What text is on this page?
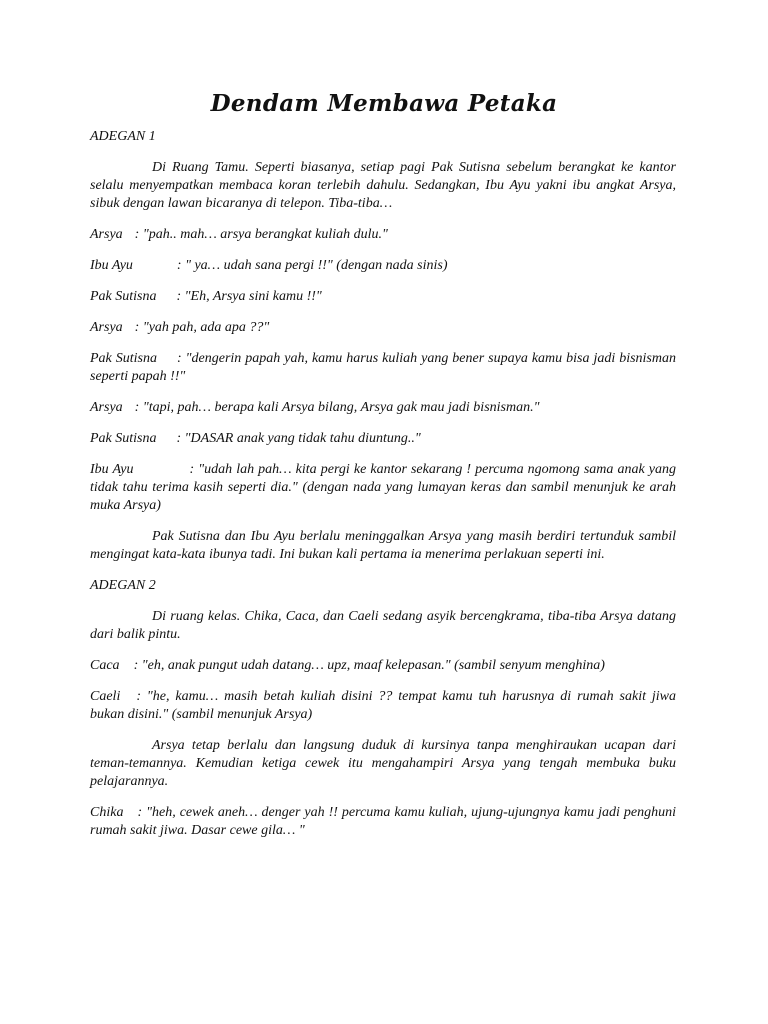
Dendam Membawa Petaka

ADEGAN 1

Di Ruang Tamu. Seperti biasanya, setiap pagi Pak Sutisna sebelum berangkat ke kantor selalu menyempatkan membaca koran terlebih dahulu. Sedangkan, Ibu Ayu yakni ibu angkat Arsya, sibuk dengan lawan bicaranya di telepon. Tiba-tiba…

Arsya : "pah.. mah… arsya berangkat kuliah dulu."

Ibu Ayu	: " ya… udah sana pergi !!" (dengan nada sinis)

Pak Sutisna : "Eh, Arsya sini kamu !!"

Arsya : "yah pah, ada apa ??"

Pak Sutisna : "dengerin papah yah, kamu harus kuliah yang bener supaya kamu bisa jadi bisnisman seperti papah !!"

Arsya : "tapi, pah… berapa kali Arsya bilang, Arsya gak mau jadi bisnisman."

Pak Sutisna : "DASAR anak yang tidak tahu diuntung.."

Ibu Ayu	: "udah lah pah… kita pergi ke kantor sekarang ! percuma ngomong sama anak yang tidak tahu terima kasih seperti dia." (dengan nada yang lumayan keras dan sambil menunjuk ke arah muka Arsya)

Pak Sutisna dan Ibu Ayu berlalu meninggalkan Arsya yang masih berdiri tertunduk sambil mengingat kata-kata ibunya tadi. Ini bukan kali pertama ia menerima perlakuan seperti ini.

ADEGAN 2

Di ruang kelas. Chika, Caca, dan Caeli sedang asyik bercengkrama, tiba-tiba Arsya datang dari balik pintu.

Caca : "eh, anak pungut udah datang… upz, maaf kelepasan." (sambil senyum menghina)

Caeli : "he, kamu… masih betah kuliah disini ?? tempat kamu tuh harusnya di rumah sakit jiwa bukan disini." (sambil menunjuk Arsya)

Arsya tetap berlalu dan langsung duduk di kursinya tanpa menghiraukan ucapan dari teman-temannya. Kemudian ketiga cewek itu mengahampiri Arsya yang tengah membuka buku pelajarannya.

Chika : "heh, cewek aneh… denger yah !! percuma kamu kuliah, ujung-ujungnya kamu jadi penghuni rumah sakit jiwa. Dasar cewe gila… "
